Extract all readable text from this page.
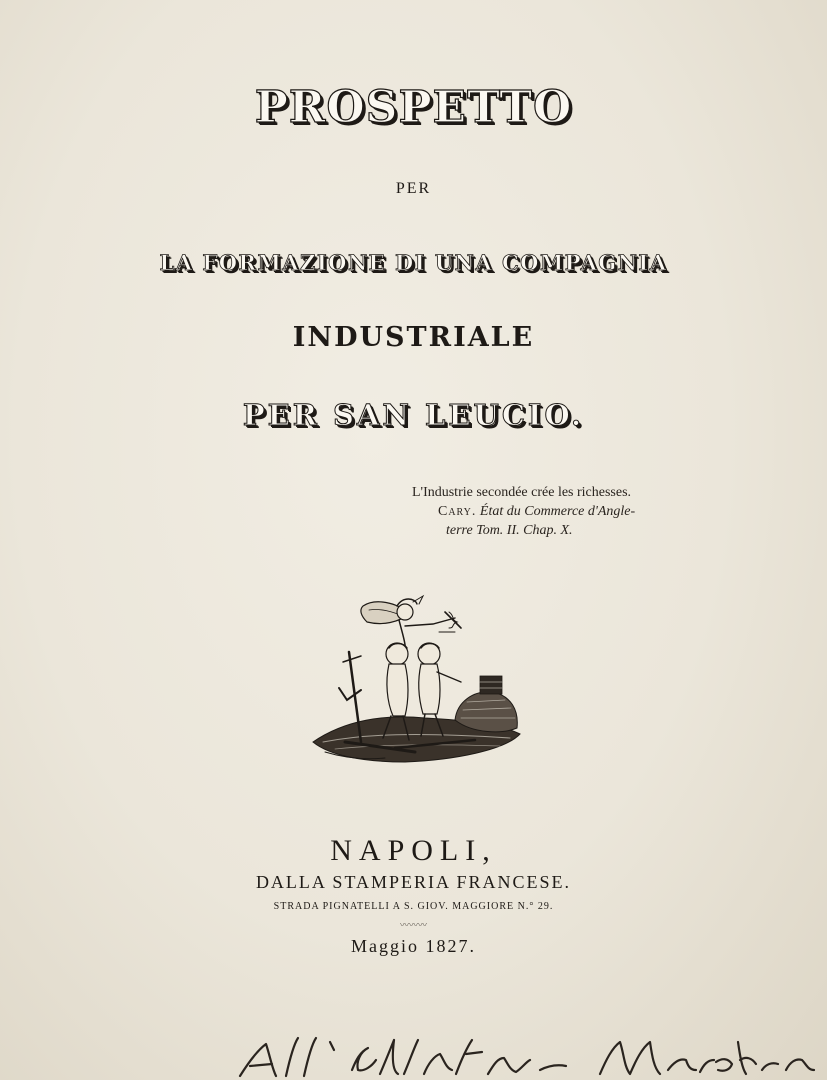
PROSPETTO
PER
LA FORMAZIONE DI UNA COMPAGNIA
INDUSTRIALE
PER SAN LEUCIO.
L'Industrie secondée crée les richesses.
Cary. État du Commerce d'Angle-
terre Tom. II. Chap. X.
NAPOLI,
DALLA STAMPERIA FRANCESE.
STRADA PIGNATELLI A S. GIOV. MAGGIORE N.° 29.
〰〰〰
Maggio 1827.
